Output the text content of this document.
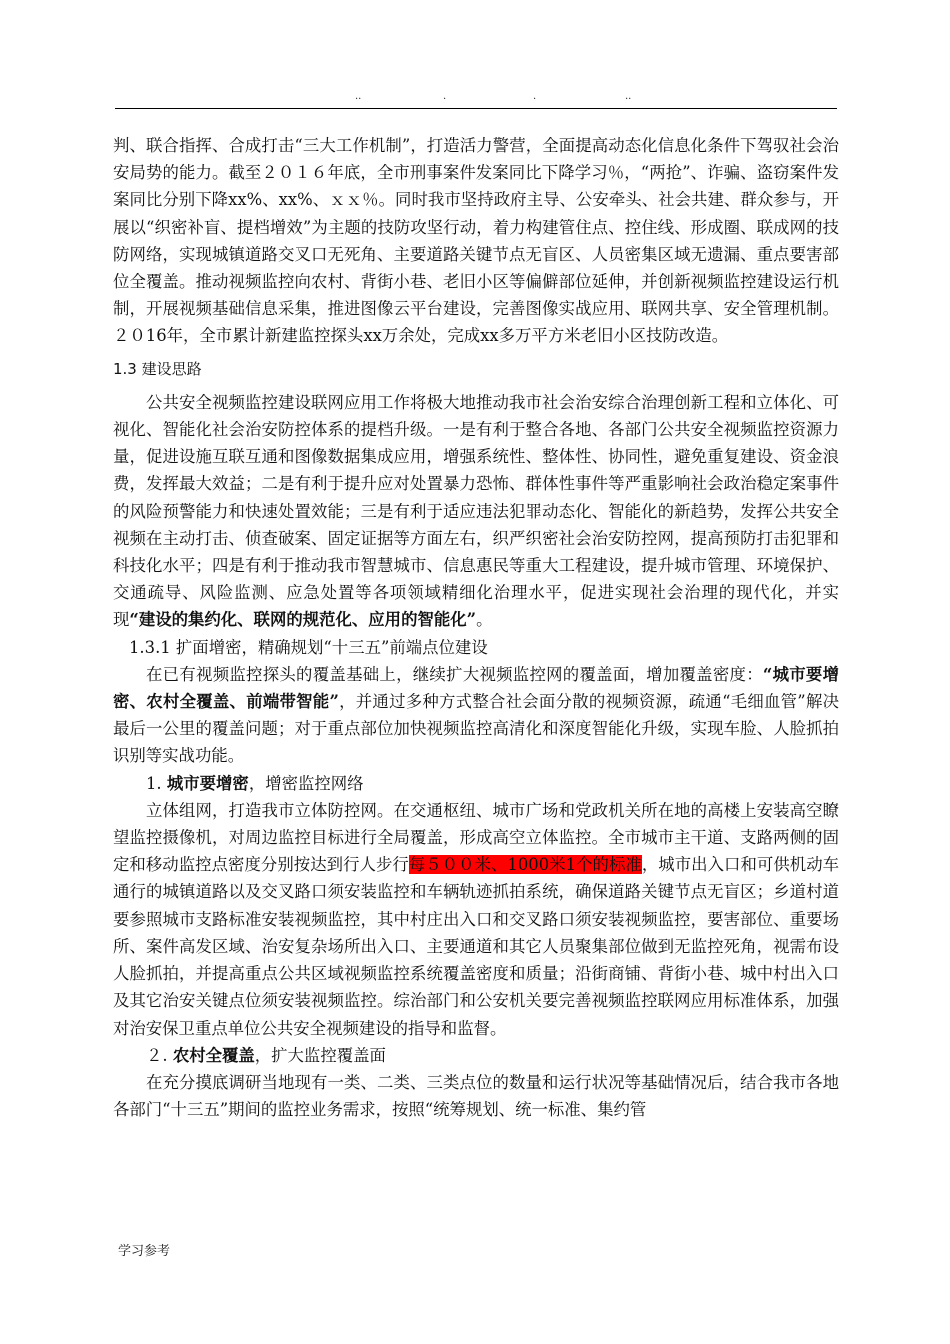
..	.	.	..

判、联合指挥、合成打击“三大工作机制”，打造活力警营，全面提高动态化信息化条件下驾驭社会治安局势的能力。截至２０１６年底，全市刑事案件发案同比下降学习％，“两抢”、诈骗、盗窃案件发案同比分别下降xx%、xx%、ｘｘ％。同时我市坚持政府主导、公安牵头、社会共建、群众参与，开展以“织密补盲、提档增效”为主题的技防攻坚行动，着力构建管住点、控住线、形成圈、联成网的技防网络，实现城镇道路交叉口无死角、主要道路关键节点无盲区、人员密集区域无遗漏、重点要害部位全覆盖。推动视频监控向农村、背街小巷、老旧小区等偏僻部位延伸，并创新视频监控建设运行机制，开展视频基础信息采集，推进图像云平台建设，完善图像实战应用、联网共享、安全管理机制。２０16年，全市累计新建监控探头xx万余处，完成xx多万平方米老旧小区技防改造。

1.3 建设思路

公共安全视频监控建设联网应用工作将极大地推动我市社会治安综合治理创新工程和立体化、可视化、智能化社会治安防控体系的提档升级。一是有利于整合各地、各部门公共安全视频监控资源力量，促进设施互联互通和图像数据集成应用，增强系统性、整体性、协同性，避免重复建设、资金浪费，发挥最大效益；二是有利于提升应对处置暴力恐怖、群体性事件等严重影响社会政治稳定案事件的风险预警能力和快速处置效能；三是有利于适应违法犯罪动态化、智能化的新趋势，发挥公共安全视频在主动打击、侦查破案、固定证据等方面左右，织严织密社会治安防控网，提高预防打击犯罪和科技化水平；四是有利于推动我市智慧城市、信息惠民等重大工程建设，提升城市管理、环境保护、交通疏导、风险监测、应急处置等各项领域精细化治理水平，促进实现社会治理的现代化，并实现“建设的集约化、联网的规范化、应用的智能化”。

1.3.1 扩面增密，精确规划“十三五”前端点位建设

在已有视频监控探头的覆盖基础上，继续扩大视频监控网的覆盖面，增加覆盖密度：“城市要增密、农村全覆盖、前端带智能”，并通过多种方式整合社会面分散的视频资源，疏通“毛细血管”解决最后一公里的覆盖问题；对于重点部位加快视频监控高清化和深度智能化升级，实现车脸、人脸抓拍识别等实战功能。

1. 城市要增密，增密监控网络

立体组网，打造我市立体防控网。在交通枢纽、城市广场和党政机关所在地的高楼上安装高空瞭望监控摄像机，对周边监控目标进行全局覆盖，形成高空立体监控。全市城市主干道、支路两侧的固定和移动监控点密度分别按达到行人步行每５００米、1000米1个的标准，城市出入口和可供机动车通行的城镇道路以及交叉路口须安装监控和车辆轨迹抓拍系统，确保道路关键节点无盲区；乡道村道要参照城市支路标准安装视频监控，其中村庄出入口和交叉路口须安装视频监控，要害部位、重要场所、案件高发区域、治安复杂场所出入口、主要通道和其它人员聚集部位做到无监控死角，视需布设人脸抓拍，并提高重点公共区域视频监控系统覆盖密度和质量；沿街商铺、背街小巷、城中村出入口及其它治安关键点位须安装视频监控。综治部门和公安机关要完善视频监控联网应用标准体系，加强对治安保卫重点单位公共安全视频建设的指导和监督。

２. 农村全覆盖，扩大监控覆盖面

在充分摸底调研当地现有一类、二类、三类点位的数量和运行状况等基础情况后，结合我市各地各部门“十三五”期间的监控业务需求，按照“统筹规划、统一标准、集约管

学习参考
